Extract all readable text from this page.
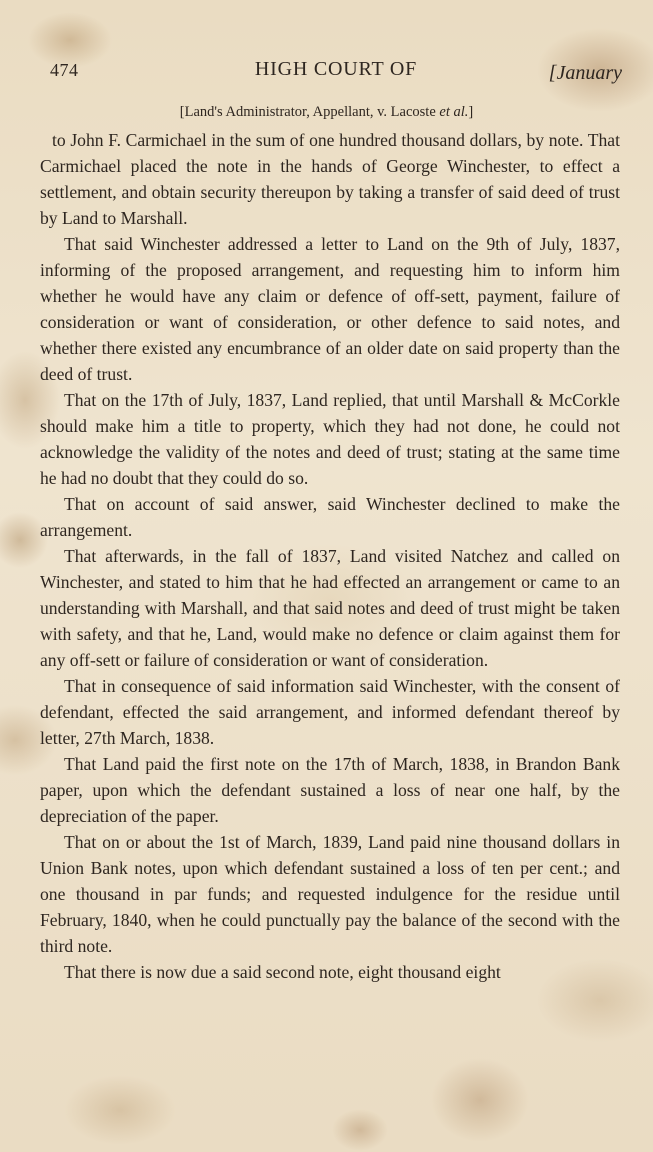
474	HIGH COURT OF	[January
[Land's Administrator, Appellant, v. Lacoste et al.]

to John F. Carmichael in the sum of one hundred thousand dollars, by note. That Carmichael placed the note in the hands of George Winchester, to effect a settlement, and obtain security thereupon by taking a transfer of said deed of trust by Land to Marshall.

That said Winchester addressed a letter to Land on the 9th of July, 1837, informing of the proposed arrangement, and requesting him to inform him whether he would have any claim or defence of off-sett, payment, failure of consideration or want of consideration, or other defence to said notes, and whether there existed any encumbrance of an older date on said property than the deed of trust.

That on the 17th of July, 1837, Land replied, that until Marshall & McCorkle should make him a title to property, which they had not done, he could not acknowledge the validity of the notes and deed of trust; stating at the same time he had no doubt that they could do so.

That on account of said answer, said Winchester declined to make the arrangement.

That afterwards, in the fall of 1837, Land visited Natchez and called on Winchester, and stated to him that he had effected an arrangement or came to an understanding with Marshall, and that said notes and deed of trust might be taken with safety, and that he, Land, would make no defence or claim against them for any off-sett or failure of consideration or want of consideration.

That in consequence of said information said Winchester, with the consent of defendant, effected the said arrangement, and informed defendant thereof by letter, 27th March, 1838.

That Land paid the first note on the 17th of March, 1838, in Brandon Bank paper, upon which the defendant sustained a loss of near one half, by the depreciation of the paper.

That on or about the 1st of March, 1839, Land paid nine thousand dollars in Union Bank notes, upon which defendant sustained a loss of ten per cent.; and one thousand in par funds; and requested indulgence for the residue until February, 1840, when he could punctually pay the balance of the second with the third note.

That there is now due a said second note, eight thousand eight
